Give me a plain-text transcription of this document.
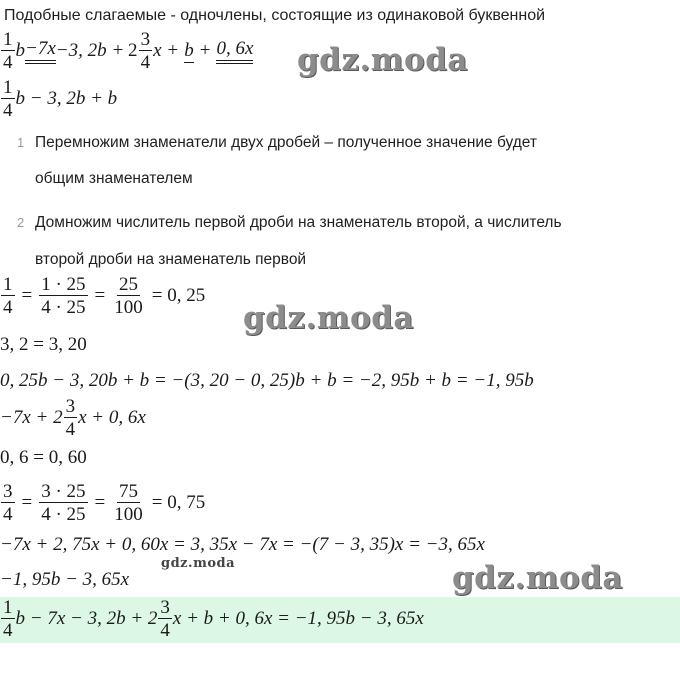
Подобные слагаемые - одночлены, состоящие из одинаковой буквенной
$\frac{1}{4}$ b −7x −3, $2b + 2 \frac{3}{4}$ x + b + 0, 6x gdz.moda
$\frac{1}{4}$ b − 3, 2b + b
1 Перемножим знаменатели двух дробей – полученное значение будет
общим знаменателем
2 Домножим числитель первой дроби на знаменатель второй, а числитель
второй дроби на знаменатель первой
$\frac{1}{4} = \frac{1 \cdot 25}{4 \cdot 25} = \frac{25}{100} = 0$, 25
gdz.moda
3, 2 = 3, 20
0, 25b − 3, 20b + b = −(3, 20 − 0, 25)b + b = −2, 95b + b = −1, 95b
$-7x + 2 \frac{3}{4}$ x + 0, 6x
0, 6 = 0, 60
$\frac{3}{4} = \frac{3 \cdot 25}{4 \cdot 25} = \frac{75}{100} = 0$, 75
−7x + 2, 75x + 0, 60x = 3, 35x − 7x = −(7 − 3, 35)x = −3, 65x
−1, 95b − 3, 65x
gdz.moda	gdz.moda
$\frac{1}{4}$ b − 7x − 3, $2b + 2 \frac{3}{4}$ x + b + 0, 6x = −1, 95b − 3, 65x
